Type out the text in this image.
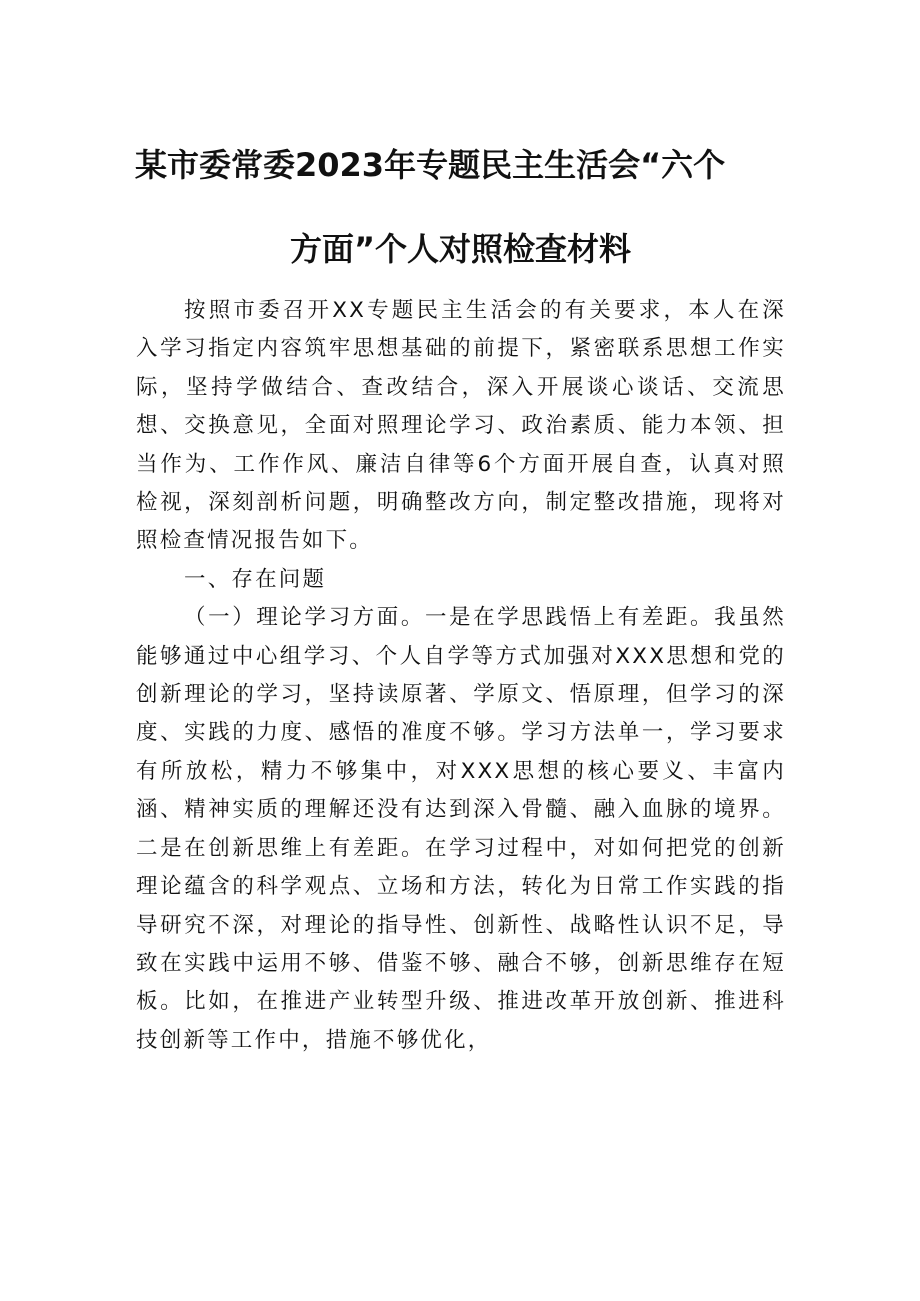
某市委常委2023年专题民主生活会“六个
方面”个人对照检查材料

按照市委召开XX专题民主生活会的有关要求，本人在深入学习指定内容筑牢思想基础的前提下，紧密联系思想工作实际，坚持学做结合、查改结合，深入开展谈心谈话、交流思想、交换意见，全面对照理论学习、政治素质、能力本领、担当作为、工作作风、廉洁自律等6个方面开展自查，认真对照检视，深刻剖析问题，明确整改方向，制定整改措施，现将对照检查情况报告如下。

一、存在问题

（一）理论学习方面。一是在学思践悟上有差距。我虽然能够通过中心组学习、个人自学等方式加强对XXX思想和党的创新理论的学习，坚持读原著、学原文、悟原理，但学习的深度、实践的力度、感悟的准度不够。学习方法单一，学习要求有所放松，精力不够集中，对XXX思想的核心要义、丰富内涵、精神实质的理解还没有达到深入骨髓、融入血脉的境界。二是在创新思维上有差距。在学习过程中，对如何把党的创新理论蕴含的科学观点、立场和方法，转化为日常工作实践的指导研究不深，对理论的指导性、创新性、战略性认识不足，导致在实践中运用不够、借鉴不够、融合不够，创新思维存在短板。比如，在推进产业转型升级、推进改革开放创新、推进科技创新等工作中，措施不够优化，
